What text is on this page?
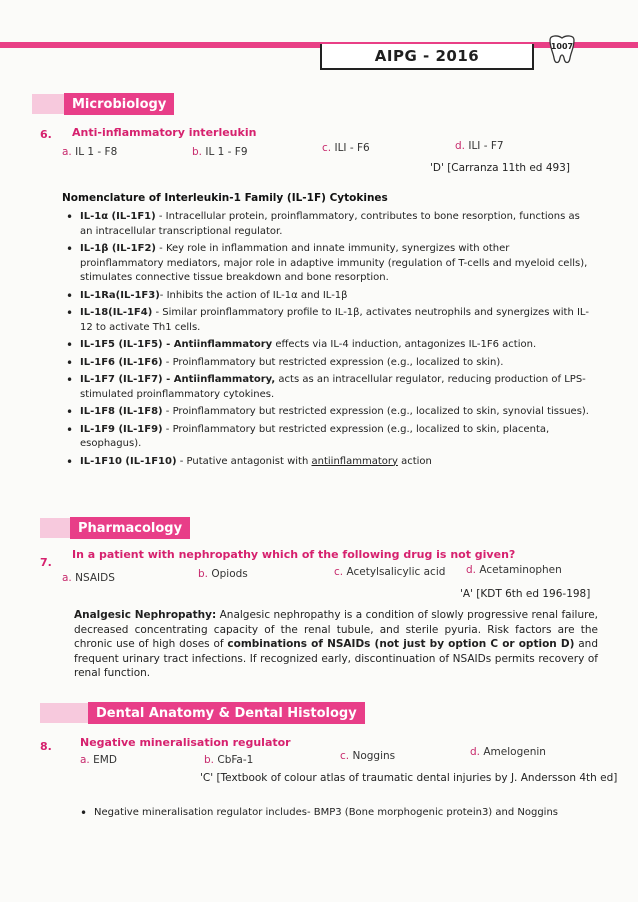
AIPG - 2016
1007
Microbiology
6. Anti-inflammatory interleukin
a. IL 1 - F8	b. IL 1 - F9	c. ILI - F6	d. ILI - F7
'D' [Carranza 11th ed 493]
Nomenclature of Interleukin-1 Family (IL-1F) Cytokines
• IL-1α (IL-1F1) - Intracellular protein, proinflammatory, contributes to bone resorption, functions as an intracellular transcriptional regulator.
• IL-1β (IL-1F2) - Key role in inflammation and innate immunity, synergizes with other proinflammatory mediators, major role in adaptive immunity (regulation of T-cells and myeloid cells), stimulates connective tissue breakdown and bone resorption.
• IL-1Ra(IL-1F3)- Inhibits the action of IL-1α and IL-1β
• IL-18(IL-1F4) - Similar proinflammatory profile to IL-1β, activates neutrophils and synergizes with IL-12 to activate Th1 cells.
• IL-1F5 (IL-1F5) - Antiinflammatory effects via IL-4 induction, antagonizes IL-1F6 action.
• IL-1F6 (IL-1F6) - Proinflammatory but restricted expression (e.g., localized to skin).
• IL-1F7 (IL-1F7) - Antiinflammatory, acts as an intracellular regulator, reducing production of LPS-stimulated proinflammatory cytokines.
• IL-1F8 (IL-1F8) - Proinflammatory but restricted expression (e.g., localized to skin, synovial tissues).
• IL-1F9 (IL-1F9) - Proinflammatory but restricted expression (e.g., localized to skin, placenta, esophagus).
• IL-1F10 (IL-1F10) - Putative antagonist with antiinflammatory action
Pharmacology
7.
In a patient with nephropathy which of the following drug is not given?
a. NSAIDS	b. Opiods	c. Acetylsalicylic acid d. Acetaminophen
'A' [KDT 6th ed 196-198]
Analgesic Nephropathy: Analgesic nephropathy is a condition of slowly progressive renal failure, decreased concentrating capacity of the renal tubule, and sterile pyuria. Risk factors are the chronic use of high doses of combinations of NSAIDs (not just by option C or option D) and frequent urinary tract infections. If recognized early, discontinuation of NSAIDs permits recovery of renal function.
Dental Anatomy & Dental Histology
8.	Negative mineralisation regulator
a. EMD	b. CbFa-1	c. Noggins	d. Amelogenin
'C' [Textbook of colour atlas of traumatic dental injuries by J. Andersson 4th ed]
• Negative mineralisation regulator includes- BMP3 (Bone morphogenic protein3) and Noggins
